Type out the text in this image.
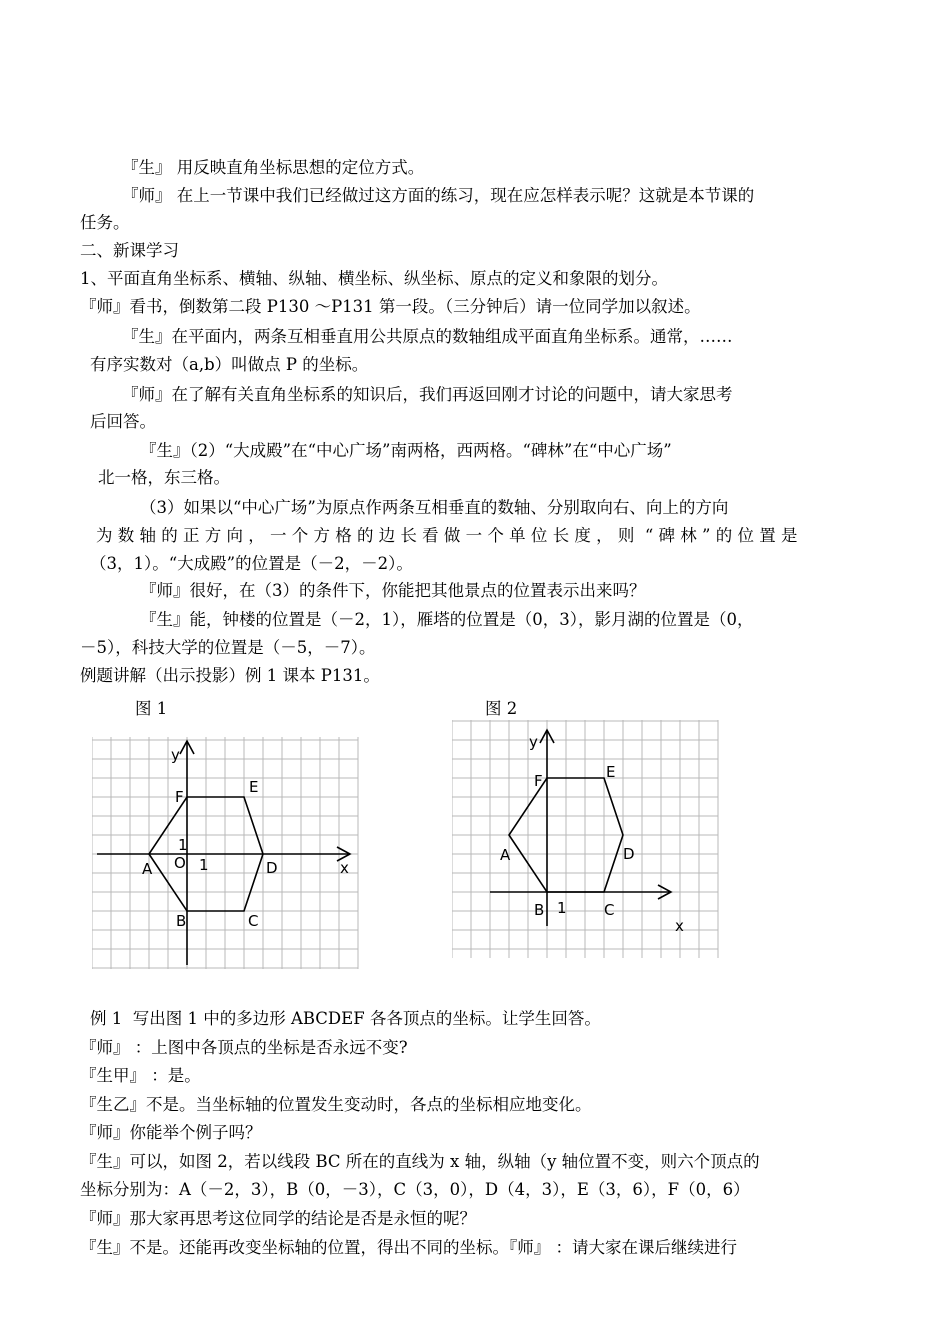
『生』 用反映直角坐标思想的定位方式。
『师』 在上一节课中我们已经做过这方面的练习，现在应怎样表示呢？这就是本节课的
任务。
二、新课学习
1、平面直角坐标系、横轴、纵轴、横坐标、纵坐标、原点的定义和象限的划分。
『师』看书，倒数第二段 P130 ～P131 第一段。（三分钟后）请一位同学加以叙述。
『生』在平面内，两条互相垂直用公共原点的数轴组成平面直角坐标系。通常，……
有序实数对（a,b）叫做点 P 的坐标。
『师』在了解有关直角坐标系的知识后，我们再返回刚才讨论的问题中，请大家思考
后回答。
『生』（2）“大成殿”在“中心广场”南两格，西两格。“碑林”在“中心广场”
北一格，东三格。
（3）如果以“中心广场”为原点作两条互相垂直的数轴、分别取向右、向上的方向
为 数 轴 的 正 方 向 ， 一 个 方 格 的 边 长 看 做 一 个 单 位 长 度 ， 则  “ 碑 林 ” 的 位 置 是
（3，1）。“大成殿”的位置是（－2，－2）。
『师』很好，在（3）的条件下，你能把其他景点的位置表示出来吗？
『生』能，钟楼的位置是（－2，1），雁塔的位置是（0，3），影月湖的位置是（0，
－5），科技大学的位置是（－5，－7）。
例题讲解（出示投影）例 1 课本 P131。
图 1	图 2
y
x
O 1
1
A
B	C
D
E
F
y
x
1
A
B	C
D
E
F
例 1  写出图 1 中的多边形 ABCDEF 各各顶点的坐标。让学生回答。
『师』 ：上图中各顶点的坐标是否永远不变?
『生甲』 ：是。
『生乙』不是。当坐标轴的位置发生变动时，各点的坐标相应地变化。
『师』你能举个例子吗？
『生』可以，如图 2，若以线段 BC 所在的直线为 x 轴，纵轴（y 轴位置不变，则六个顶点的
坐标分别为：A（－2，3），B（0，－3），C（3，0），D（4，3），E（3，6），F（0，6）
『师』那大家再思考这位同学的结论是否是永恒的呢？
『生』不是。还能再改变坐标轴的位置，得出不同的坐标。『师』 ：请大家在课后继续进行
